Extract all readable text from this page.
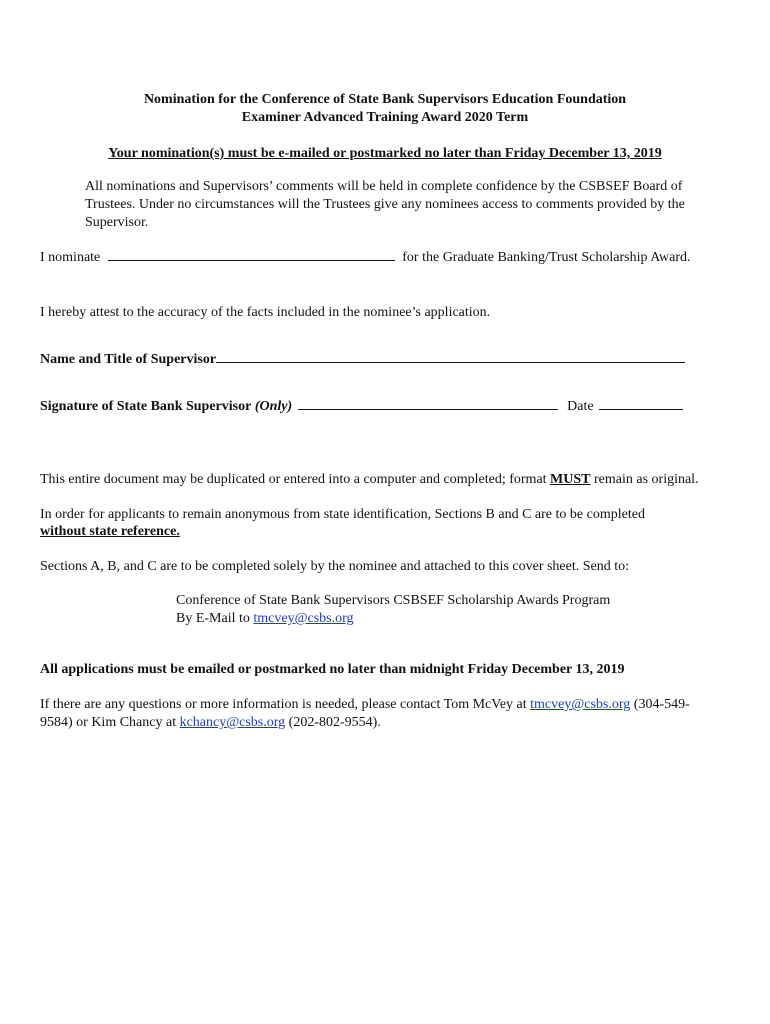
Nomination for the Conference of State Bank Supervisors Education Foundation
Examiner Advanced Training Award 2020 Term
Your nomination(s) must be e-mailed or postmarked no later than Friday December 13, 2019
All nominations and Supervisors’ comments will be held in complete confidence by the CSBSEF Board of
Trustees. Under no circumstances will the Trustees give any nominees access to comments provided by the
Supervisor.
I nominate	for the Graduate Banking/Trust Scholarship Award.
I hereby attest to the accuracy of the facts included in the nominee’s application.
Name and Title of Supervisor
Signature of State Bank Supervisor (Only)	Date
This entire document may be duplicated or entered into a computer and completed; format MUST remain as original.
In order for applicants to remain anonymous from state identification, Sections B and C are to be completed
without state reference.
Sections A, B, and C are to be completed solely by the nominee and attached to this cover sheet. Send to:
Conference of State Bank Supervisors CSBSEF Scholarship Awards Program
By E-Mail to tmcvey@csbs.org
All applications must be emailed or postmarked no later than midnight Friday December 13, 2019
If there are any questions or more information is needed, please contact Tom McVey at tmcvey@csbs.org (304-549-
9584) or Kim Chancy at kchancy@csbs.org (202-802-9554).
